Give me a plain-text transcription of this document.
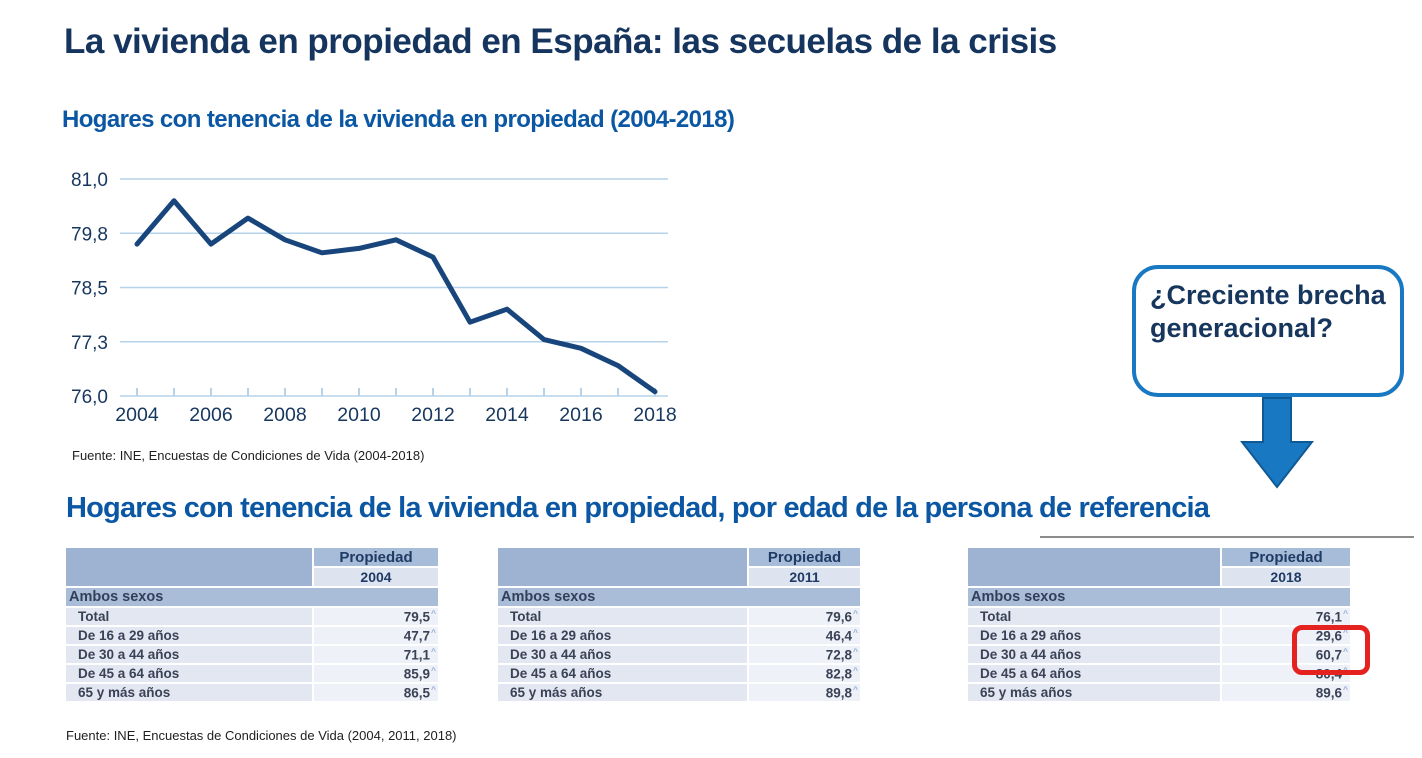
La vivienda en propiedad en España: las secuelas de la crisis
Hogares con tenencia de la vivienda en propiedad (2004-2018)
76,0
77,3
78,5
79,8
81,0
2004 2006 2008 2010 2012 2014 2016 2018
Fuente: INE, Encuestas de Condiciones de Vida (2004-2018)
¿Creciente brecha generacional?
Hogares con tenencia de la vivienda en propiedad, por edad de la persona de referencia
	Propiedad
	2004
Ambos sexos	
Total	79,5^
De 16 a 29 años	47,7^
De 30 a 44 años	71,1^
De 45 a 64 años	85,9^
65 y más años	86,5^
	Propiedad
	2011
Ambos sexos	
Total	79,6^
De 16 a 29 años	46,4^
De 30 a 44 años	72,8^
De 45 a 64 años	82,8^
65 y más años	89,8^
	Propiedad
	2018
Ambos sexos	
Total	76,1^
De 16 a 29 años	29,6^
De 30 a 44 años	60,7^
De 45 a 64 años	80,4^
65 y más años	89,6^
Fuente: INE, Encuestas de Condiciones de Vida (2004, 2011, 2018)
